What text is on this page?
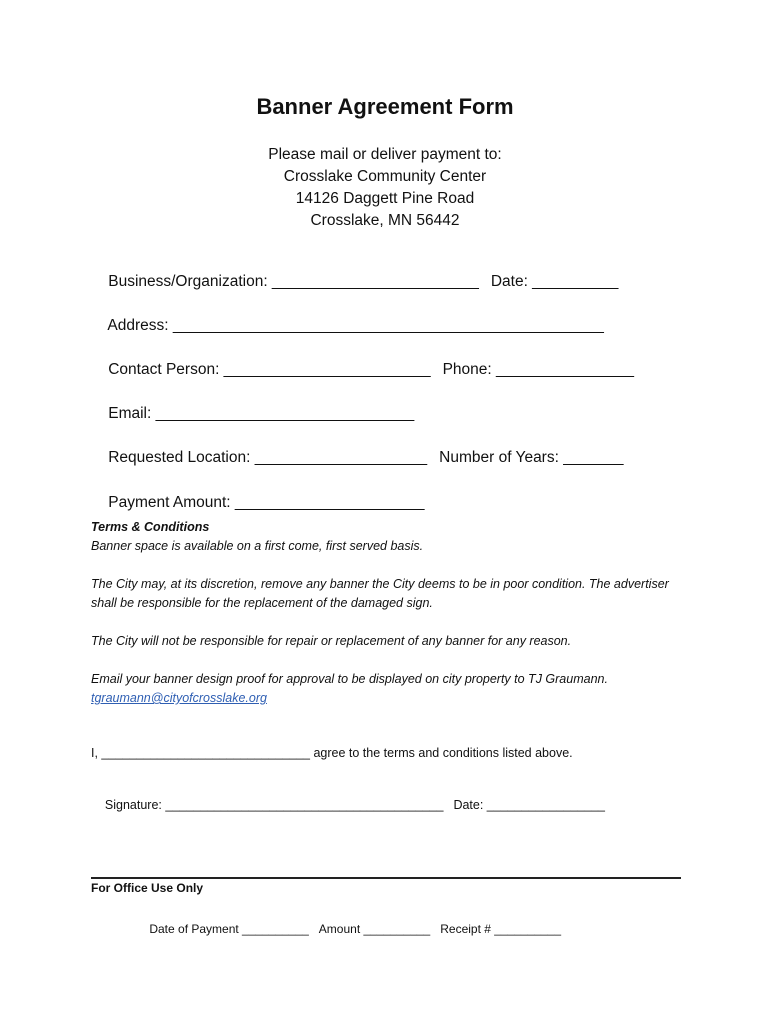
Banner Agreement Form
Please mail or deliver payment to:
Crosslake Community Center
14126 Daggett Pine Road
Crosslake, MN 56442

Business/Organization: ________________________ Date: __________

Address: __________________________________________________

Contact Person: ________________________ Phone: ________________

Email: ______________________________

Requested Location: ____________________ Number of Years: _______

Payment Amount: ______________________

Terms & Conditions
Banner space is available on a first come, first served basis.
The City may, at its discretion, remove any banner the City deems to be in poor condition. The advertiser shall be responsible for the replacement of the damaged sign.
The City will not be responsible for repair or replacement of any banner for any reason.
Email your banner design proof for approval to be displayed on city property to TJ Graumann.
tgraumann@cityofcrosslake.org
I, ______________________________ agree to the terms and conditions listed above.

Signature: ________________________________________ Date: _________________

For Office Use Only

Date of Payment __________ Amount __________ Receipt # __________
